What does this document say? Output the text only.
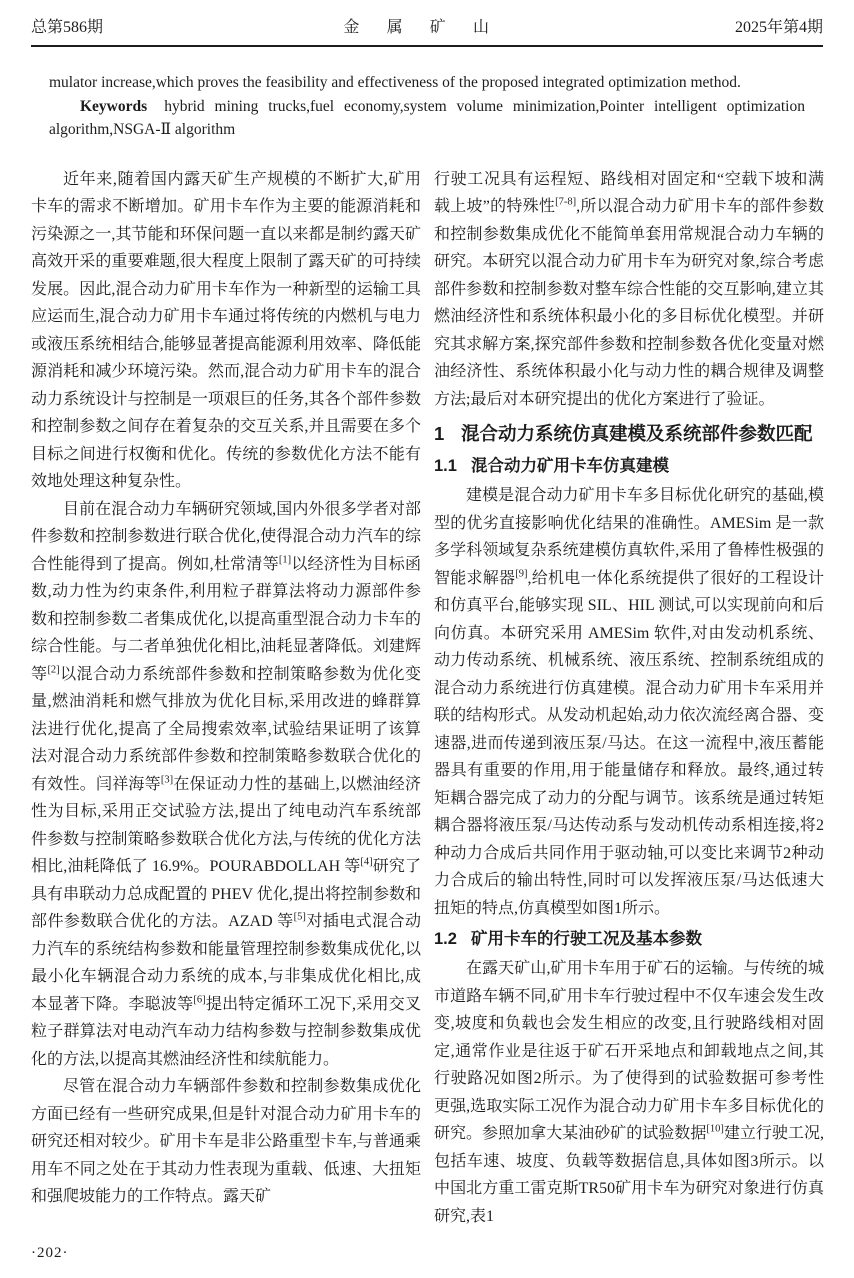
总第586期	金　属　矿　山	2025年第4期

mulator increase,which proves the feasibility and effectiveness of the proposed integrated optimization method.

Keywords hybrid mining trucks,fuel economy,system volume minimization,Pointer intelligent optimization algorithm,NSGA-Ⅱ algorithm

近年来,随着国内露天矿生产规模的不断扩大,矿用卡车的需求不断增加。矿用卡车作为主要的能源消耗和污染源之一,其节能和环保问题一直以来都是制约露天矿高效开采的重要难题,很大程度上限制了露天矿的可持续发展。因此,混合动力矿用卡车作为一种新型的运输工具应运而生,混合动力矿用卡车通过将传统的内燃机与电力或液压系统相结合,能够显著提高能源利用效率、降低能源消耗和减少环境污染。然而,混合动力矿用卡车的混合动力系统设计与控制是一项艰巨的任务,其各个部件参数和控制参数之间存在着复杂的交互关系,并且需要在多个目标之间进行权衡和优化。传统的参数优化方法不能有效地处理这种复杂性。

目前在混合动力车辆研究领域,国内外很多学者对部件参数和控制参数进行联合优化,使得混合动力汽车的综合性能得到了提高。例如,杜常清等[1]以经济性为目标函数,动力性为约束条件,利用粒子群算法将动力源部件参数和控制参数二者集成优化,以提高重型混合动力卡车的综合性能。与二者单独优化相比,油耗显著降低。刘建辉等[2]以混合动力系统部件参数和控制策略参数为优化变量,燃油消耗和燃气排放为优化目标,采用改进的蜂群算法进行优化,提高了全局搜索效率,试验结果证明了该算法对混合动力系统部件参数和控制策略参数联合优化的有效性。闫祥海等[3]在保证动力性的基础上,以燃油经济性为目标,采用正交试验方法,提出了纯电动汽车系统部件参数与控制策略参数联合优化方法,与传统的优化方法相比,油耗降低了 16.9%。POURABDOLLAH 等[4]研究了具有串联动力总成配置的 PHEV 优化,提出将控制参数和部件参数联合优化的方法。AZAD 等[5]对插电式混合动力汽车的系统结构参数和能量管理控制参数集成优化,以最小化车辆混合动力系统的成本,与非集成优化相比,成本显著下降。李聪波等[6]提出特定循环工况下,采用交叉粒子群算法对电动汽车动力结构参数与控制参数集成优化的方法,以提高其燃油经济性和续航能力。

尽管在混合动力车辆部件参数和控制参数集成优化方面已经有一些研究成果,但是针对混合动力矿用卡车的研究还相对较少。矿用卡车是非公路重型卡车,与普通乘用车不同之处在于其动力性表现为重载、低速、大扭矩和强爬坡能力的工作特点。露天矿

行驶工况具有运程短、路线相对固定和“空载下坡和满载上坡”的特殊性[7-8],所以混合动力矿用卡车的部件参数和控制参数集成优化不能简单套用常规混合动力车辆的研究。本研究以混合动力矿用卡车为研究对象,综合考虑部件参数和控制参数对整车综合性能的交互影响,建立其燃油经济性和系统体积最小化的多目标优化模型。并研究其求解方案,探究部件参数和控制参数各优化变量对燃油经济性、系统体积最小化与动力性的耦合规律及调整方法;最后对本研究提出的优化方案进行了验证。

1 混合动力系统仿真建模及系统部件参数匹配
1.1 混合动力矿用卡车仿真建模

建模是混合动力矿用卡车多目标优化研究的基础,模型的优劣直接影响优化结果的准确性。AMESim 是一款多学科领域复杂系统建模仿真软件,采用了鲁棒性极强的智能求解器[9],给机电一体化系统提供了很好的工程设计和仿真平台,能够实现 SIL、HIL 测试,可以实现前向和后向仿真。本研究采用 AMESim 软件,对由发动机系统、动力传动系统、机械系统、液压系统、控制系统组成的混合动力系统进行仿真建模。混合动力矿用卡车采用并联的结构形式。从发动机起始,动力依次流经离合器、变速器,进而传递到液压泵/马达。在这一流程中,液压蓄能器具有重要的作用,用于能量储存和释放。最终,通过转矩耦合器完成了动力的分配与调节。该系统是通过转矩耦合器将液压泵/马达传动系与发动机传动系相连接,将2种动力合成后共同作用于驱动轴,可以变比来调节2种动力合成后的输出特性,同时可以发挥液压泵/马达低速大扭矩的特点,仿真模型如图1所示。

1.2 矿用卡车的行驶工况及基本参数

在露天矿山,矿用卡车用于矿石的运输。与传统的城市道路车辆不同,矿用卡车行驶过程中不仅车速会发生改变,坡度和负载也会发生相应的改变,且行驶路线相对固定,通常作业是往返于矿石开采地点和卸载地点之间,其行驶路况如图2所示。为了使得到的试验数据可参考性更强,选取实际工况作为混合动力矿用卡车多目标优化的研究。参照加拿大某油砂矿的试验数据[10]建立行驶工况,包括车速、坡度、负载等数据信息,具体如图3所示。以中国北方重工雷克斯TR50矿用卡车为研究对象进行仿真研究,表1

·202·
